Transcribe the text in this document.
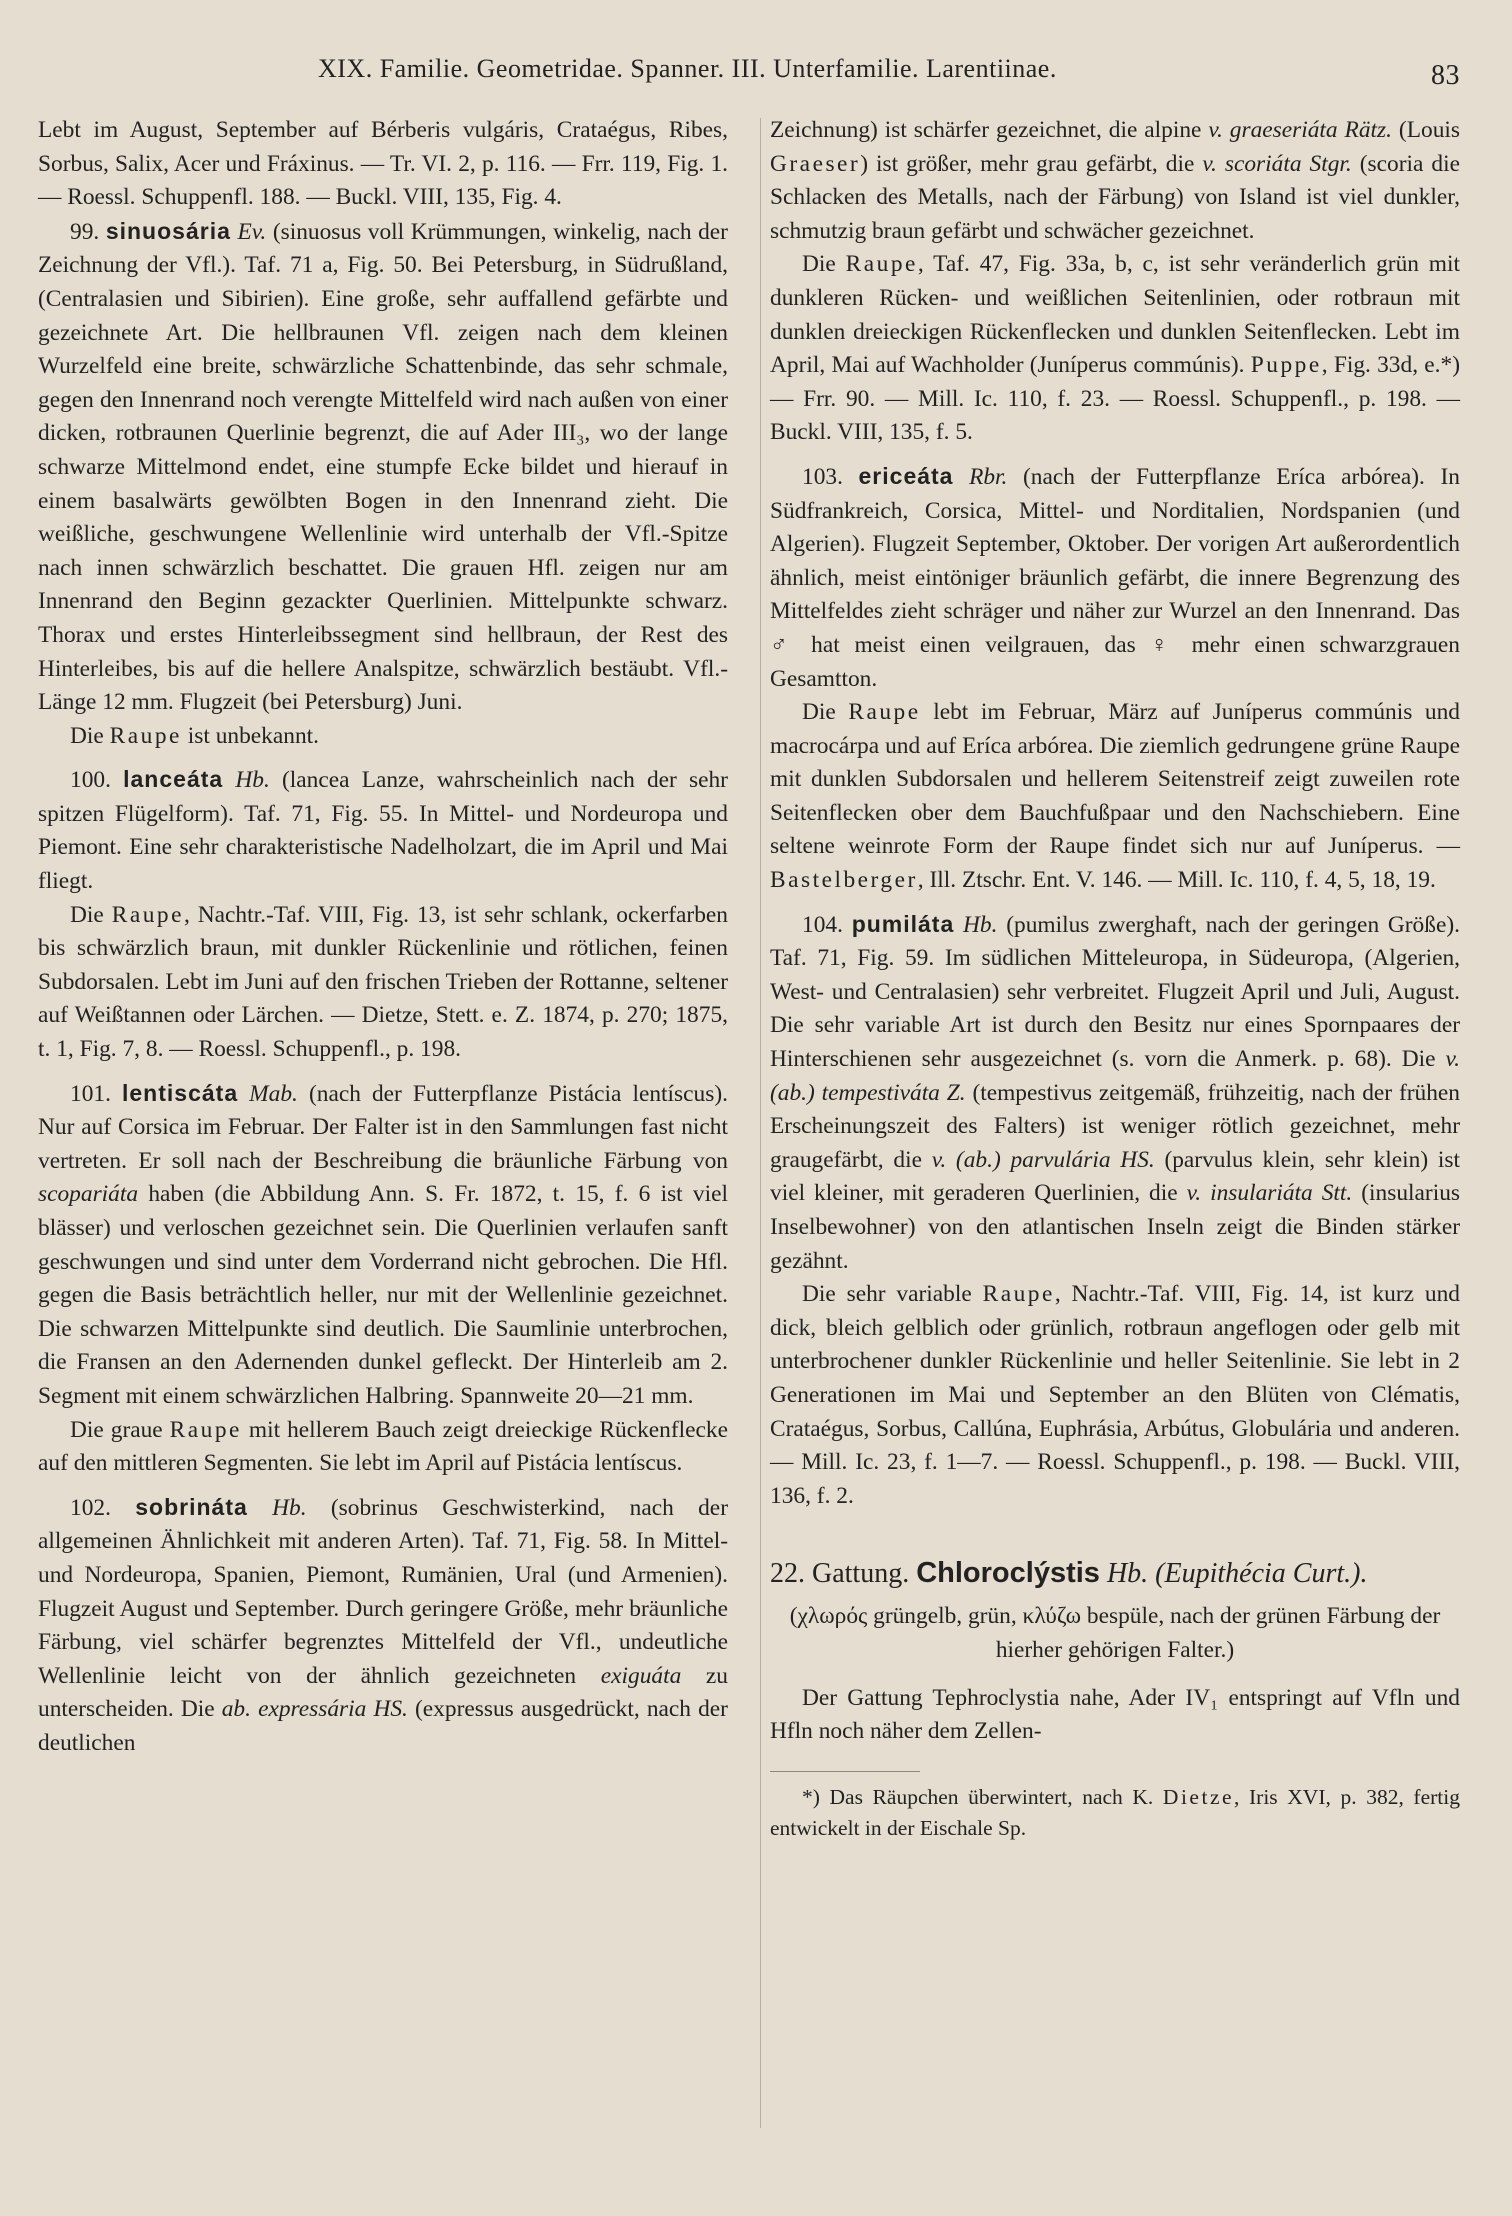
XIX. Familie. Geometridae. Spanner. III. Unterfamilie. Larentiinae.	83

Lebt im August, September auf Bérberis vulgáris, Crataégus, Ribes, Sorbus, Salix, Acer und Fráxinus. — Tr. VI. 2, p. 116. — Frr. 119, Fig. 1. — Roessl. Schuppenfl. 188. — Buckl. VIII, 135, Fig. 4.

99. sinuosária Ev. (sinuosus voll Krümmungen, winkelig, nach der Zeichnung der Vfl.). Taf. 71 a, Fig. 50. Bei Petersburg, in Südrußland, (Centralasien und Sibirien). Eine große, sehr auffallend gefärbte und gezeichnete Art. Die hellbraunen Vfl. zeigen nach dem kleinen Wurzelfeld eine breite, schwärzliche Schattenbinde, das sehr schmale, gegen den Innenrand noch verengte Mittelfeld wird nach außen von einer dicken, rotbraunen Querlinie begrenzt, die auf Ader III₃, wo der lange schwarze Mittelmond endet, eine stumpfe Ecke bildet und hierauf in einem basalwärts gewölbten Bogen in den Innenrand zieht. Die weißliche, geschwungene Wellenlinie wird unterhalb der Vfl.-Spitze nach innen schwärzlich beschattet. Die grauen Hfl. zeigen nur am Innenrand den Beginn gezackter Querlinien. Mittelpunkte schwarz. Thorax und erstes Hinterleibssegment sind hellbraun, der Rest des Hinterleibes, bis auf die hellere Analspitze, schwärzlich bestäubt. Vfl.-Länge 12 mm. Flugzeit (bei Petersburg) Juni.

Die Raupe ist unbekannt.

100. lanceáta Hb. (lancea Lanze, wahrscheinlich nach der sehr spitzen Flügelform). Taf. 71, Fig. 55. In Mittel- und Nordeuropa und Piemont. Eine sehr charakteristische Nadelholzart, die im April und Mai fliegt.

Die Raupe, Nachtr.-Taf. VIII, Fig. 13, ist sehr schlank, ockerfarben bis schwärzlich braun, mit dunkler Rückenlinie und rötlichen, feinen Subdorsalen. Lebt im Juni auf den frischen Trieben der Rottanne, seltener auf Weißtannen oder Lärchen. — Dietze, Stett. e. Z. 1874, p. 270; 1875, t. 1, Fig. 7, 8. — Roessl. Schuppenfl., p. 198.

101. lentiscáta Mab. (nach der Futterpflanze Pistácia lentíscus). Nur auf Corsica im Februar. Der Falter ist in den Sammlungen fast nicht vertreten. Er soll nach der Beschreibung die bräunliche Färbung von scopariáta haben (die Abbildung Ann. S. Fr. 1872, t. 15, f. 6 ist viel blässer) und verloschen gezeichnet sein. Die Querlinien verlaufen sanft geschwungen und sind unter dem Vorderrand nicht gebrochen. Die Hfl. gegen die Basis beträchtlich heller, nur mit der Wellenlinie gezeichnet. Die schwarzen Mittelpunkte sind deutlich. Die Saumlinie unterbrochen, die Fransen an den Adernenden dunkel gefleckt. Der Hinterleib am 2. Segment mit einem schwärzlichen Halbring. Spannweite 20—21 mm.

Die graue Raupe mit hellerem Bauch zeigt dreieckige Rückenflecke auf den mittleren Segmenten. Sie lebt im April auf Pistácia lentíscus.

102. sobrináta Hb. (sobrinus Geschwisterkind, nach der allgemeinen Ähnlichkeit mit anderen Arten). Taf. 71, Fig. 58. In Mittel- und Nordeuropa, Spanien, Piemont, Rumänien, Ural (und Armenien). Flugzeit August und September. Durch geringere Größe, mehr bräunliche Färbung, viel schärfer begrenztes Mittelfeld der Vfl., undeutliche Wellenlinie leicht von der ähnlich gezeichneten exiguáta zu unterscheiden. Die ab. expressária HS. (expressus ausgedrückt, nach der deutlichen

Zeichnung) ist schärfer gezeichnet, die alpine v. graeseriáta Rätz. (Louis Graeser) ist größer, mehr grau gefärbt, die v. scoriáta Stgr. (scoria die Schlacken des Metalls, nach der Färbung) von Island ist viel dunkler, schmutzig braun gefärbt und schwächer gezeichnet.

Die Raupe, Taf. 47, Fig. 33a, b, c, ist sehr veränderlich grün mit dunkleren Rücken- und weißlichen Seitenlinien, oder rotbraun mit dunklen dreieckigen Rückenflecken und dunklen Seitenflecken. Lebt im April, Mai auf Wachholder (Juníperus commúnis). Puppe, Fig. 33d, e.*) — Frr. 90. — Mill. Ic. 110, f. 23. — Roessl. Schuppenfl., p. 198. — Buckl. VIII, 135, f. 5.

103. ericeáta Rbr. (nach der Futterpflanze Eríca arbórea). In Südfrankreich, Corsica, Mittel- und Norditalien, Nordspanien (und Algerien). Flugzeit September, Oktober. Der vorigen Art außerordentlich ähnlich, meist eintöniger bräunlich gefärbt, die innere Begrenzung des Mittelfeldes zieht schräger und näher zur Wurzel an den Innenrand. Das ♂ hat meist einen veilgrauen, das ♀ mehr einen schwarzgrauen Gesamtton.

Die Raupe lebt im Februar, März auf Juníperus commúnis und macrocárpa und auf Eríca arbórea. Die ziemlich gedrungene grüne Raupe mit dunklen Subdorsalen und hellerem Seitenstreif zeigt zuweilen rote Seitenflecken ober dem Bauchfußpaar und den Nachschiebern. Eine seltene weinrote Form der Raupe findet sich nur auf Juníperus. — Bastelberger, Ill. Ztschr. Ent. V. 146. — Mill. Ic. 110, f. 4, 5, 18, 19.

104. pumiláta Hb. (pumilus zwerghaft, nach der geringen Größe). Taf. 71, Fig. 59. Im südlichen Mitteleuropa, in Südeuropa, (Algerien, West- und Centralasien) sehr verbreitet. Flugzeit April und Juli, August. Die sehr variable Art ist durch den Besitz nur eines Spornpaares der Hinterschienen sehr ausgezeichnet (s. vorn die Anmerk. p. 68). Die v. (ab.) tempestiváta Z. (tempestivus zeitgemäß, frühzeitig, nach der frühen Erscheinungszeit des Falters) ist weniger rötlich gezeichnet, mehr graugefärbt, die v. (ab.) parvulária HS. (parvulus klein, sehr klein) ist viel kleiner, mit geraderen Querlinien, die v. insulariáta Stt. (insularius Inselbewohner) von den atlantischen Inseln zeigt die Binden stärker gezähnt.

Die sehr variable Raupe, Nachtr.-Taf. VIII, Fig. 14, ist kurz und dick, bleich gelblich oder grünlich, rotbraun angeflogen oder gelb mit unterbrochener dunkler Rückenlinie und heller Seitenlinie. Sie lebt in 2 Generationen im Mai und September an den Blüten von Clématis, Crataégus, Sorbus, Callúna, Euphrásia, Arbútus, Globulária und anderen. — Mill. Ic. 23, f. 1—7. — Roessl. Schuppenfl., p. 198. — Buckl. VIII, 136, f. 2.

22. Gattung. Chloroclýstis Hb. (Eupithécia Curt.).

(χλωρός grüngelb, grün, κλύζω bespüle, nach der grünen Färbung der hierher gehörigen Falter.)

Der Gattung Tephroclystia nahe, Ader IV₁ entspringt auf Vfln und Hfln noch näher dem Zellen-

*) Das Räupchen überwintert, nach K. Dietze, Iris XVI, p. 382, fertig entwickelt in der Eischale Sp.
